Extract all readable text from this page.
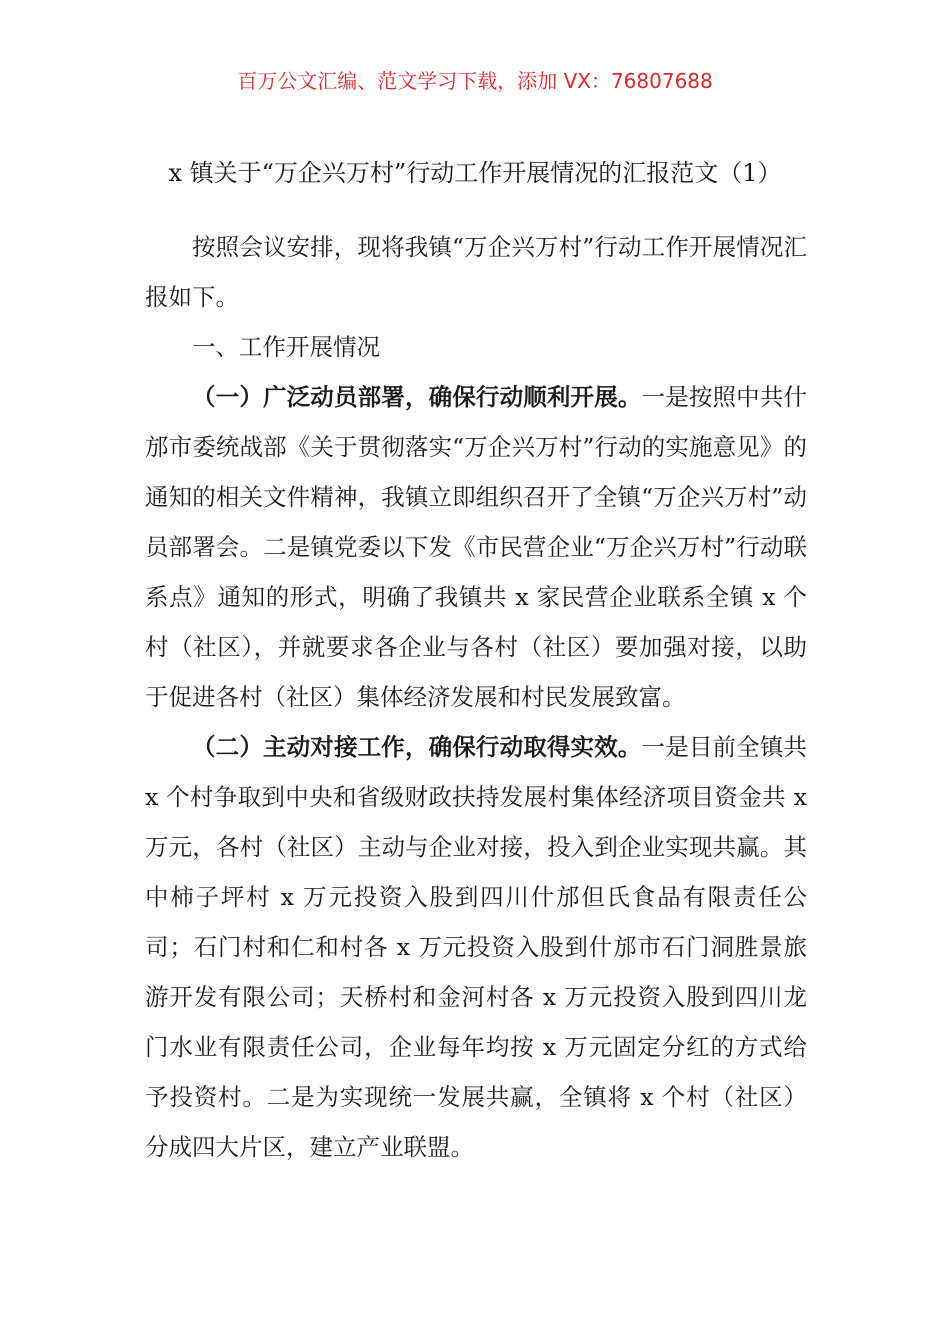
百万公文汇编、范文学习下载，添加 VX：76807688
x 镇关于“万企兴万村”行动工作开展情况的汇报范文（1）

按照会议安排，现将我镇“万企兴万村”行动工作开展情况汇报如下。

一、工作开展情况

（一）广泛动员部署，确保行动顺利开展。一是按照中共什邡市委统战部《关于贯彻落实“万企兴万村”行动的实施意见》的通知的相关文件精神，我镇立即组织召开了全镇“万企兴万村”动员部署会。二是镇党委以下发《市民营企业“万企兴万村”行动联系点》通知的形式，明确了我镇共 x 家民营企业联系全镇 x 个村（社区），并就要求各企业与各村（社区）要加强对接，以助于促进各村（社区）集体经济发展和村民发展致富。

（二）主动对接工作，确保行动取得实效。一是目前全镇共 x 个村争取到中央和省级财政扶持发展村集体经济项目资金共 x 万元，各村（社区）主动与企业对接，投入到企业实现共赢。其中柿子坪村 x 万元投资入股到四川什邡但氏食品有限责任公司；石门村和仁和村各 x 万元投资入股到什邡市石门洞胜景旅游开发有限公司；天桥村和金河村各 x 万元投资入股到四川龙门水业有限责任公司，企业每年均按 x 万元固定分红的方式给予投资村。二是为实现统一发展共赢，全镇将 x 个村（社区）分成四大片区，建立产业联盟。
